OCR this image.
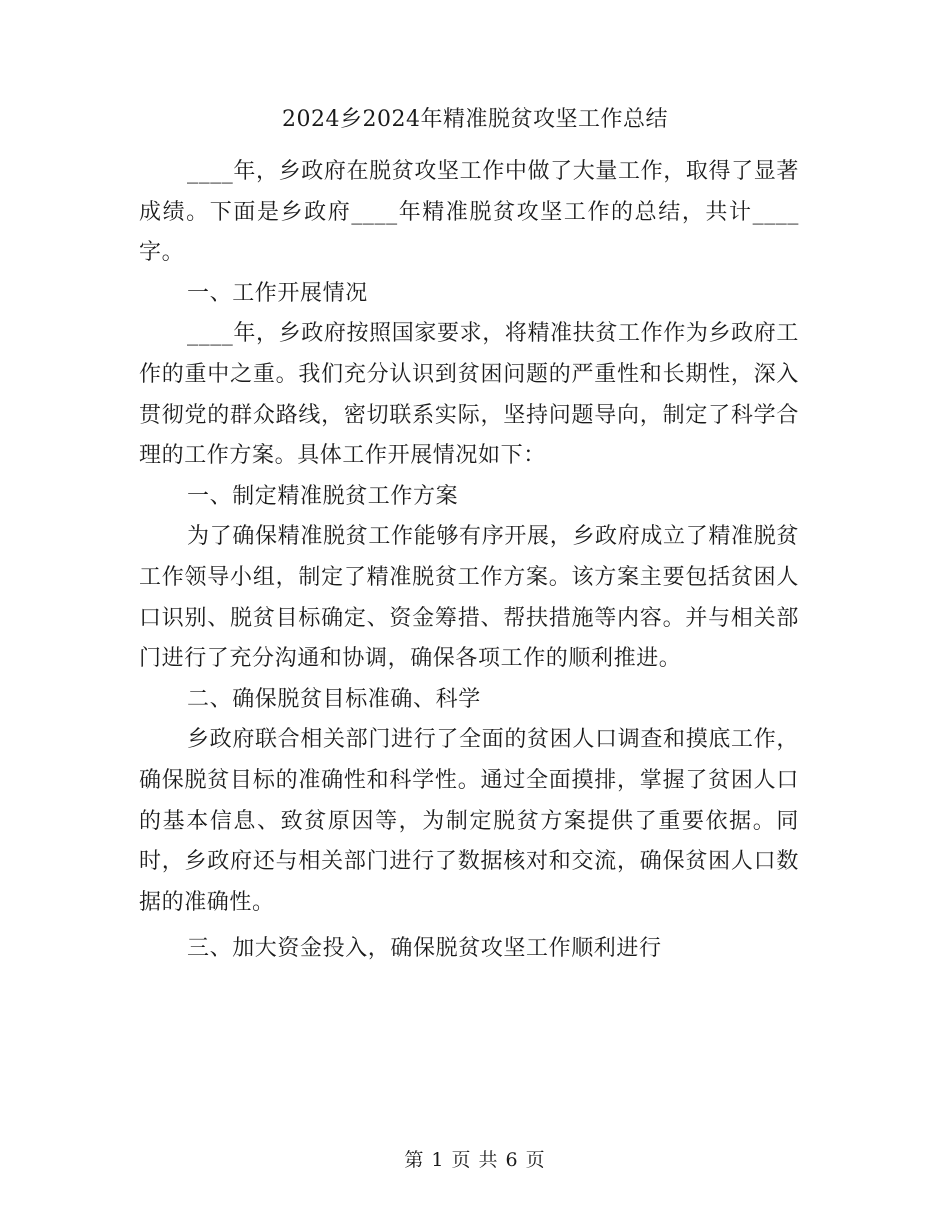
2024乡2024年精准脱贫攻坚工作总结

____年，乡政府在脱贫攻坚工作中做了大量工作，取得了显著成绩。下面是乡政府____年精准脱贫攻坚工作的总结，共计____字。

一、工作开展情况

____年，乡政府按照国家要求，将精准扶贫工作作为乡政府工作的重中之重。我们充分认识到贫困问题的严重性和长期性，深入贯彻党的群众路线，密切联系实际，坚持问题导向，制定了科学合理的工作方案。具体工作开展情况如下：

一、制定精准脱贫工作方案

为了确保精准脱贫工作能够有序开展，乡政府成立了精准脱贫工作领导小组，制定了精准脱贫工作方案。该方案主要包括贫困人口识别、脱贫目标确定、资金筹措、帮扶措施等内容。并与相关部门进行了充分沟通和协调，确保各项工作的顺利推进。

二、确保脱贫目标准确、科学

乡政府联合相关部门进行了全面的贫困人口调查和摸底工作，确保脱贫目标的准确性和科学性。通过全面摸排，掌握了贫困人口的基本信息、致贫原因等，为制定脱贫方案提供了重要依据。同时，乡政府还与相关部门进行了数据核对和交流，确保贫困人口数据的准确性。

三、加大资金投入，确保脱贫攻坚工作顺利进行

第 1 页 共 6 页
